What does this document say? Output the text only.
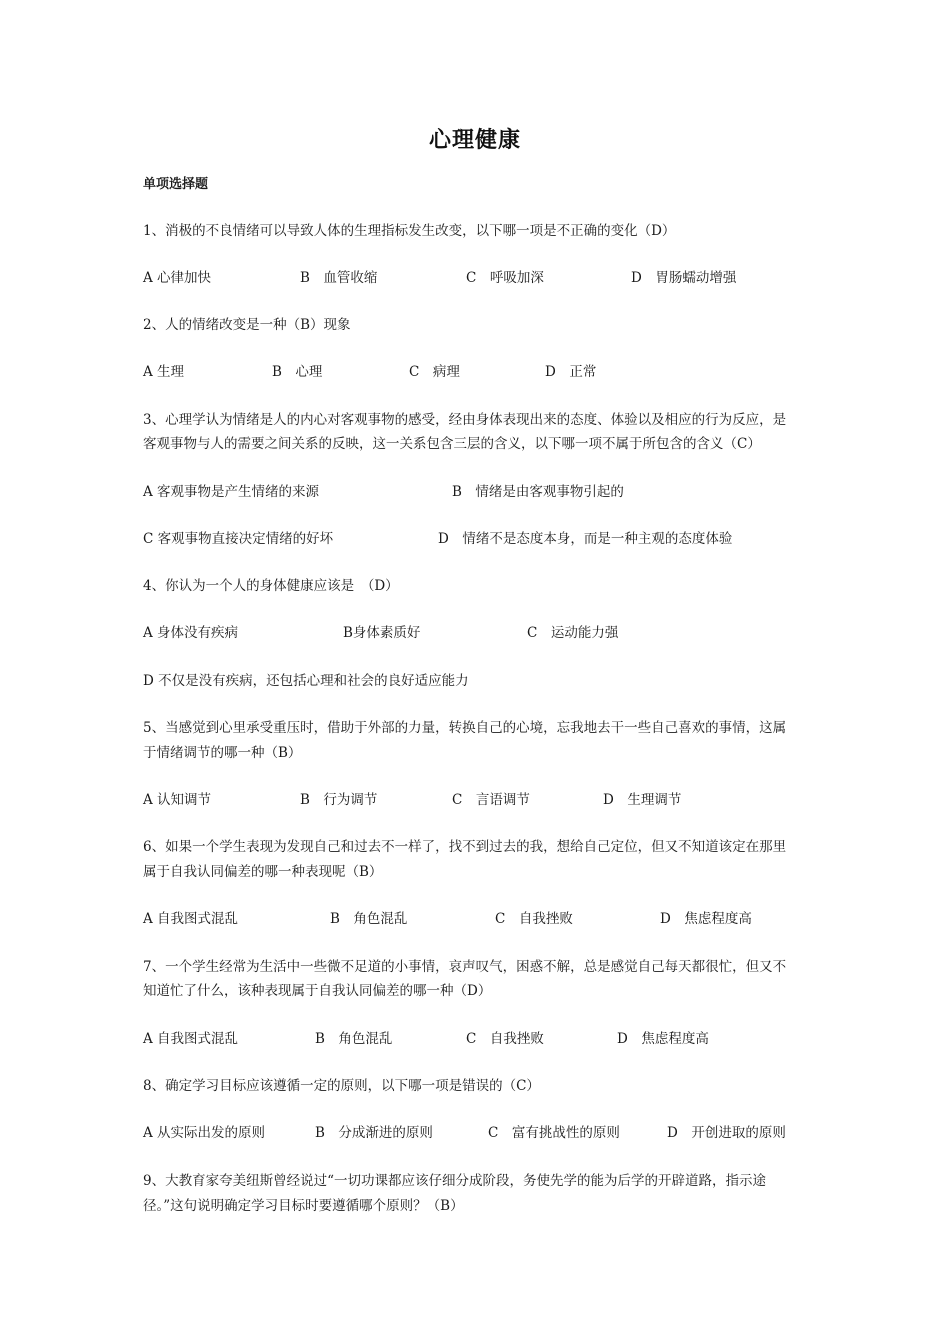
心理健康
单项选择题
1、消极的不良情绪可以导致人体的生理指标发生改变，以下哪一项是不正确的变化（D）
A 心律加快	B　血管收缩	C　呼吸加深	D　胃肠蠕动增强
2、人的情绪改变是一种（B）现象
A 生理	B　心理	C　病理	D　正常
3、心理学认为情绪是人的内心对客观事物的感受，经由身体表现出来的态度、体验以及相应的行为反应，是
客观事物与人的需要之间关系的反映，这一关系包含三层的含义，以下哪一项不属于所包含的含义（C）
A 客观事物是产生情绪的来源	B　情绪是由客观事物引起的
C 客观事物直接决定情绪的好坏	D　情绪不是态度本身，而是一种主观的态度体验
4、你认为一个人的身体健康应该是　（D）
A 身体没有疾病	B身体素质好	C　运动能力强
D 不仅是没有疾病，还包括心理和社会的良好适应能力
5、当感觉到心里承受重压时，借助于外部的力量，转换自己的心境，忘我地去干一些自己喜欢的事情，这属
于情绪调节的哪一种（B）
A 认知调节	B　行为调节	C　言语调节	D　生理调节
6、如果一个学生表现为发现自己和过去不一样了，找不到过去的我，想给自己定位，但又不知道该定在那里
属于自我认同偏差的哪一种表现呢（B）
A 自我图式混乱	B　角色混乱	C　自我挫败	D　焦虑程度高
7、一个学生经常为生活中一些微不足道的小事情，哀声叹气，困惑不解，总是感觉自己每天都很忙，但又不
知道忙了什么，该种表现属于自我认同偏差的哪一种（D）
A 自我图式混乱	B　角色混乱	C　自我挫败	D　焦虑程度高
8、确定学习目标应该遵循一定的原则，以下哪一项是错误的（C）
A 从实际出发的原则	B　分成渐进的原则	C　富有挑战性的原则	D　开创进取的原则
9、大教育家夸美纽斯曾经说过“一切功课都应该仔细分成阶段，务使先学的能为后学的开辟道路，指示途
径。”这句说明确定学习目标时要遵循哪个原则？（B）
